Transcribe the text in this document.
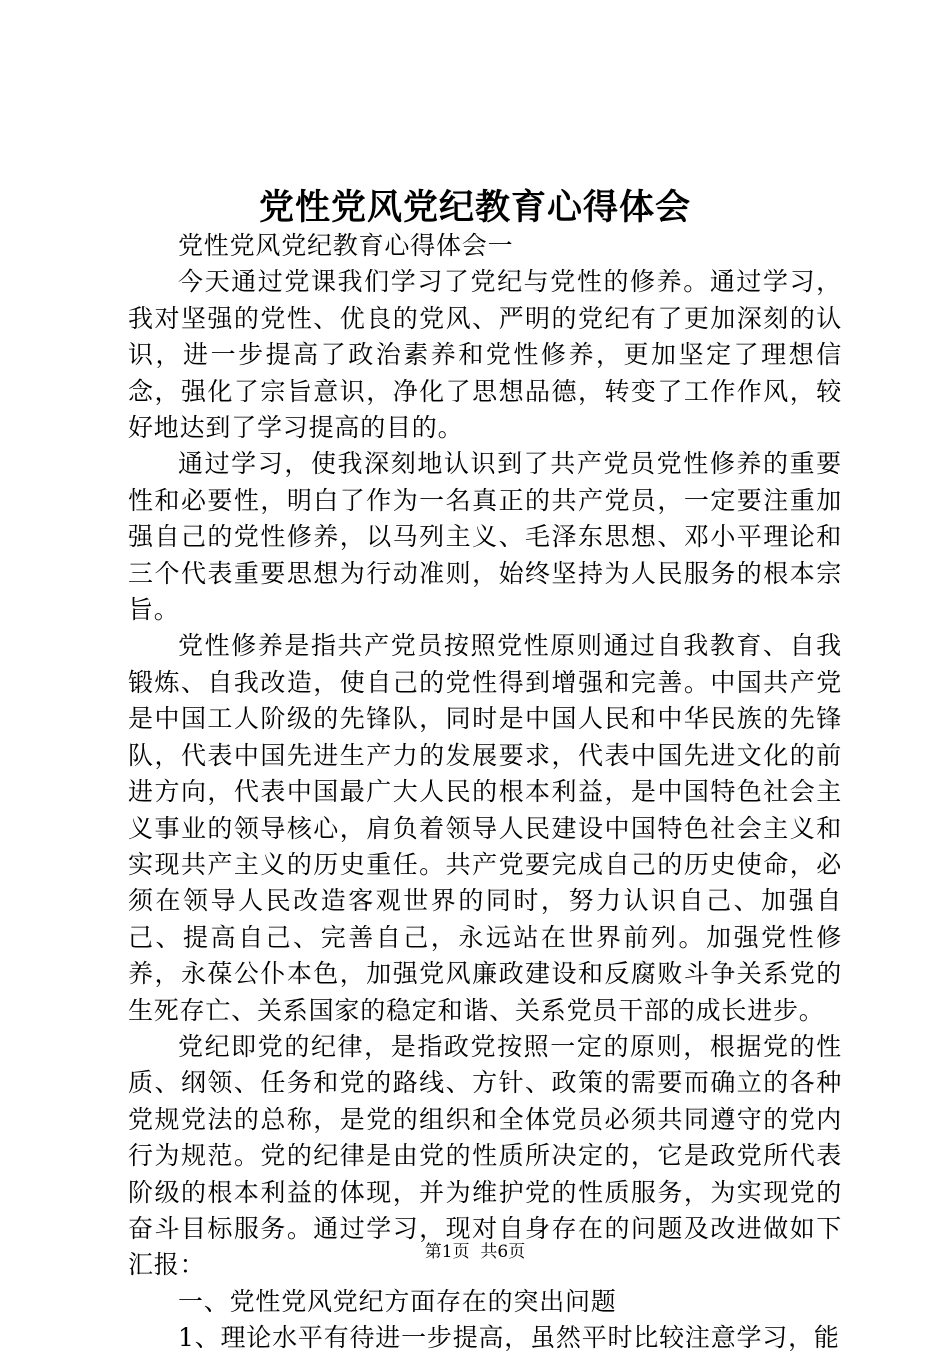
党性党风党纪教育心得体会

党性党风党纪教育心得体会一

今天通过党课我们学习了党纪与党性的修养。通过学习，我对坚强的党性、优良的党风、严明的党纪有了更加深刻的认识，进一步提高了政治素养和党性修养，更加坚定了理想信念，强化了宗旨意识，净化了思想品德，转变了工作作风，较好地达到了学习提高的目的。

通过学习，使我深刻地认识到了共产党员党性修养的重要性和必要性，明白了作为一名真正的共产党员，一定要注重加强自己的党性修养，以马列主义、毛泽东思想、邓小平理论和三个代表重要思想为行动准则，始终坚持为人民服务的根本宗旨。

党性修养是指共产党员按照党性原则通过自我教育、自我锻炼、自我改造，使自己的党性得到增强和完善。中国共产党是中国工人阶级的先锋队，同时是中国人民和中华民族的先锋队，代表中国先进生产力的发展要求，代表中国先进文化的前进方向，代表中国最广大人民的根本利益，是中国特色社会主义事业的领导核心，肩负着领导人民建设中国特色社会主义和实现共产主义的历史重任。共产党要完成自己的历史使命，必须在领导人民改造客观世界的同时，努力认识自己、加强自己、提高自己、完善自己，永远站在世界前列。加强党性修养，永葆公仆本色，加强党风廉政建设和反腐败斗争关系党的生死存亡、关系国家的稳定和谐、关系党员干部的成长进步。

党纪即党的纪律，是指政党按照一定的原则，根据党的性质、纲领、任务和党的路线、方针、政策的需要而确立的各种党规党法的总称，是党的组织和全体党员必须共同遵守的党内行为规范。党的纪律是由党的性质所决定的，它是政党所代表阶级的根本利益的体现，并为维护党的性质服务，为实现党的奋斗目标服务。通过学习，现对自身存在的问题及改进做如下汇报：

一、党性党风党纪方面存在的突出问题

1、理论水平有待进一步提高，虽然平时比较注意学习，能

第1页 共6页
